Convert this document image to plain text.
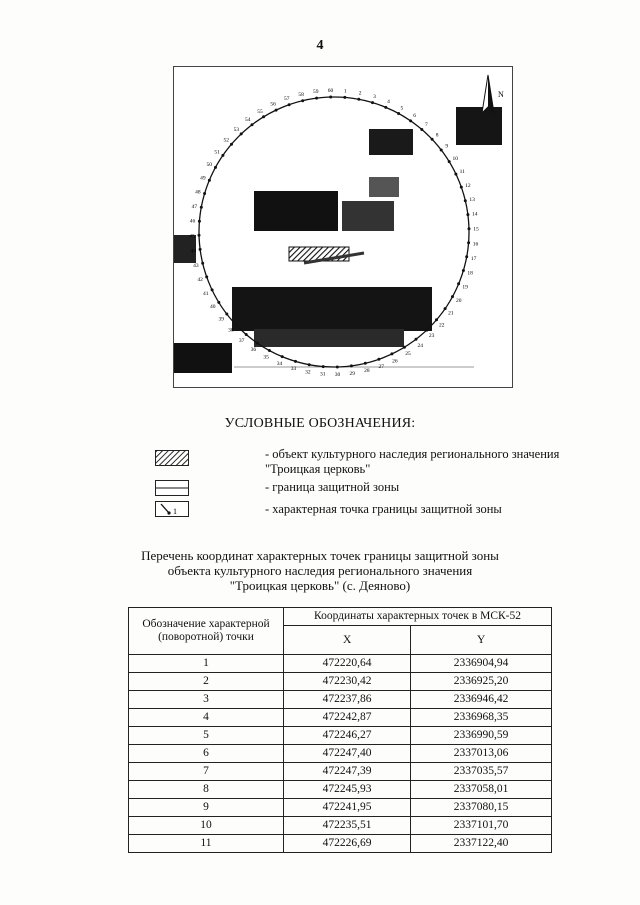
4
1 2
3
4
5
6
7
8
9
10
11
12
13
14
15
16
17
18
19
20
21
22
23
24
25
26
27
28
29
30
31
32
33
34
35
36
37
38
39
40
41
42
43
44
45
46
47
48
49
50
51
52
53
54
55
56
57
58 59 60	N
УСЛОВНЫЕ ОБОЗНАЧЕНИЯ:
- объект культурного наследия регионального значения "Троицкая церковь"
- граница защитной зоны
1	- характерная точка границы защитной зоны
Перечень координат характерных точек границы защитной зоны
объекта культурного наследия регионального значения
"Троицкая церковь" (с. Деяново)
Обозначение характерной (поворотной) точки	Координаты характерных точек в МСК-52	
	X	Y
1	472220,64	2336904,94
2	472230,42	2336925,20
3	472237,86	2336946,42
4	472242,87	2336968,35
5	472246,27	2336990,59
6	472247,40	2337013,06
7	472247,39	2337035,57
8	472245,93	2337058,01
9	472241,95	2337080,15
10	472235,51	2337101,70
11	472226,69	2337122,40
